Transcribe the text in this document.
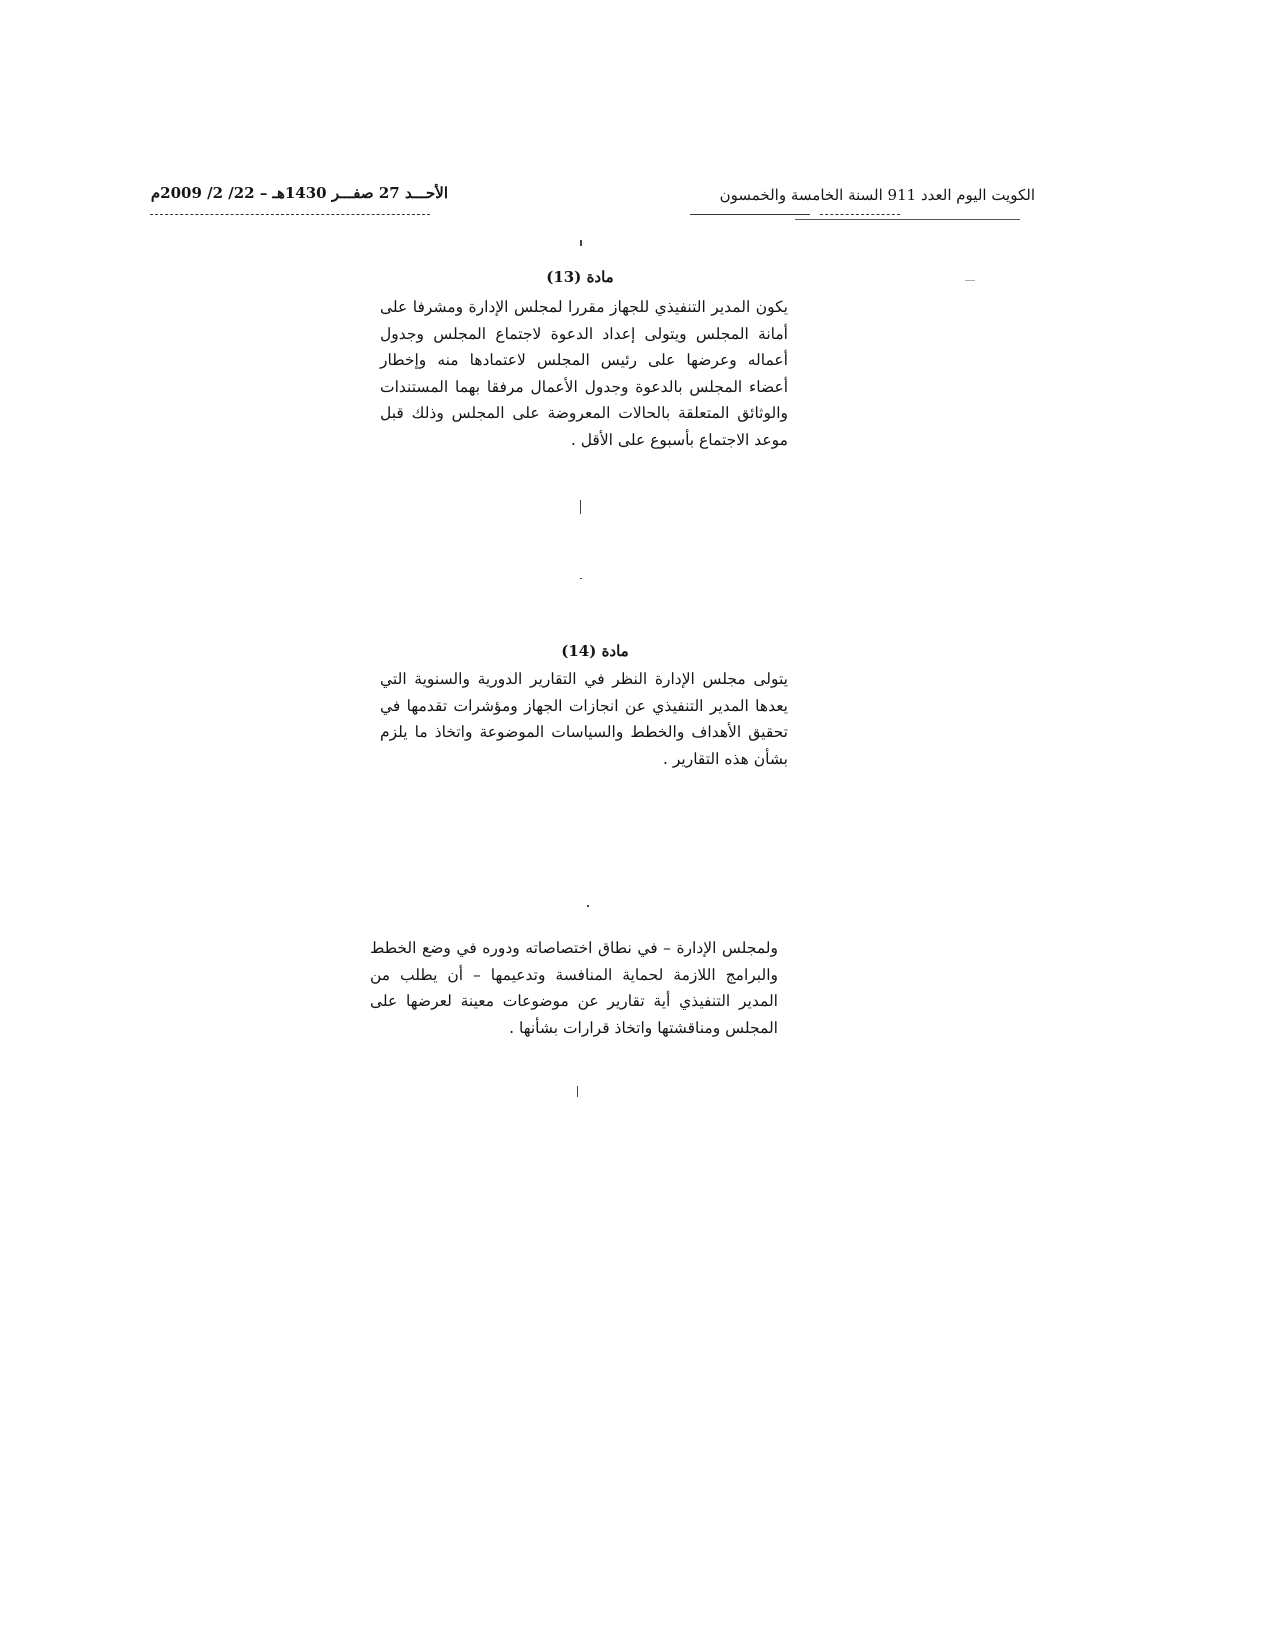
الكويت اليوم العدد 911 السنة الخامسة والخمسون
الأحـــد 27 صفـــر 1430هـ – 22/ 2/ 2009م
مادة (13)
يكون المدير التنفيذي للجهاز مقررا لمجلس الإدارة ومشرفا على أمانة المجلس ويتولى إعداد الدعوة لاجتماع المجلس وجدول أعماله وعرضها على رئيس المجلس لاعتمادها منه وإخطار أعضاء المجلس بالدعوة وجدول الأعمال مرفقا بهما المستندات والوثائق المتعلقة بالحالات المعروضة على المجلس وذلك قبل موعد الاجتماع بأسبوع على الأقل .
مادة (14)
يتولى مجلس الإدارة النظر في التقارير الدورية والسنوية التي يعدها المدير التنفيذي عن انجازات الجهاز ومؤشرات تقدمها في تحقيق الأهداف والخطط والسياسات الموضوعة واتخاذ ما يلزم بشأن هذه التقارير .
ولمجلس الإدارة – في نطاق اختصاصاته ودوره في وضع الخطط والبرامج اللازمة لحماية المنافسة وتدعيمها – أن يطلب من المدير التنفيذي أية تقارير عن موضوعات معينة لعرضها على المجلس ومناقشتها واتخاذ قرارات بشأنها .
